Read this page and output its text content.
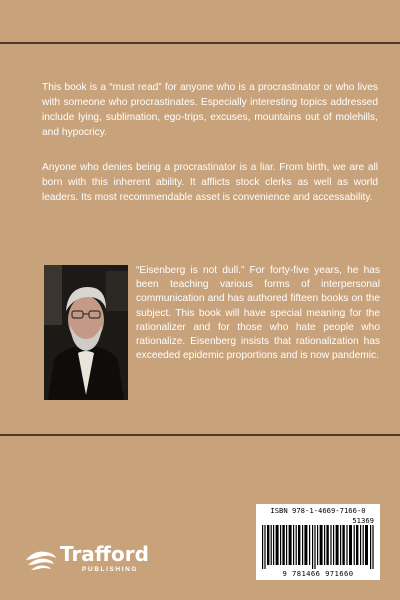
This book is a “must read” for anyone who is a procrastinator or who lives with someone who procrastinates. Especially interesting topics addressed include lying, sublimation, ego-trips, excuses, mountains out of molehills, and hypocricy.

Anyone who denies being a procrastinator is a liar. From birth, we are all born with this inherent ability. It afflicts stock clerks as well as world leaders. Its most recommendable asset is convenience and accessability.

“Eisenberg is not dull.” For forty-five years, he has been teaching various forms of interpersonal communication and has authored fifteen books on the subject. This book will have special meaning for the rationalizer and for those who hate people who rationalize. Eisenberg insists that rationalization has exceeded epidemic proportions and is now pandemic.

Trafford
PUBLISHING
ISBN 978-1-4669-7166-0
51369
9 781466 971660
